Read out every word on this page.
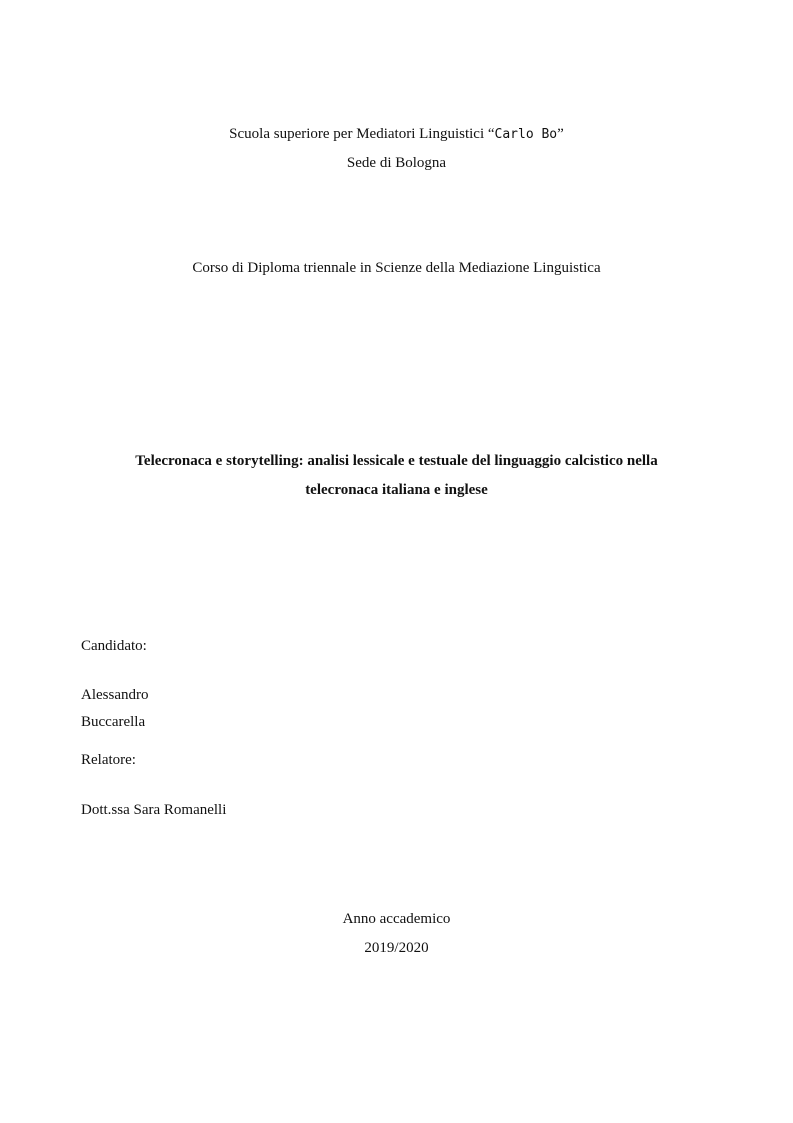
Scuola superiore per Mediatori Linguistici “Carlo Bo”
Sede di Bologna
Corso di Diploma triennale in Scienze della Mediazione Linguistica
Telecronaca e storytelling: analisi lessicale e testuale del linguaggio calcistico nella
telecronaca italiana e inglese
Candidato:
Alessandro
Buccarella
Relatore:
Dott.ssa Sara Romanelli
Anno accademico
2019/2020
